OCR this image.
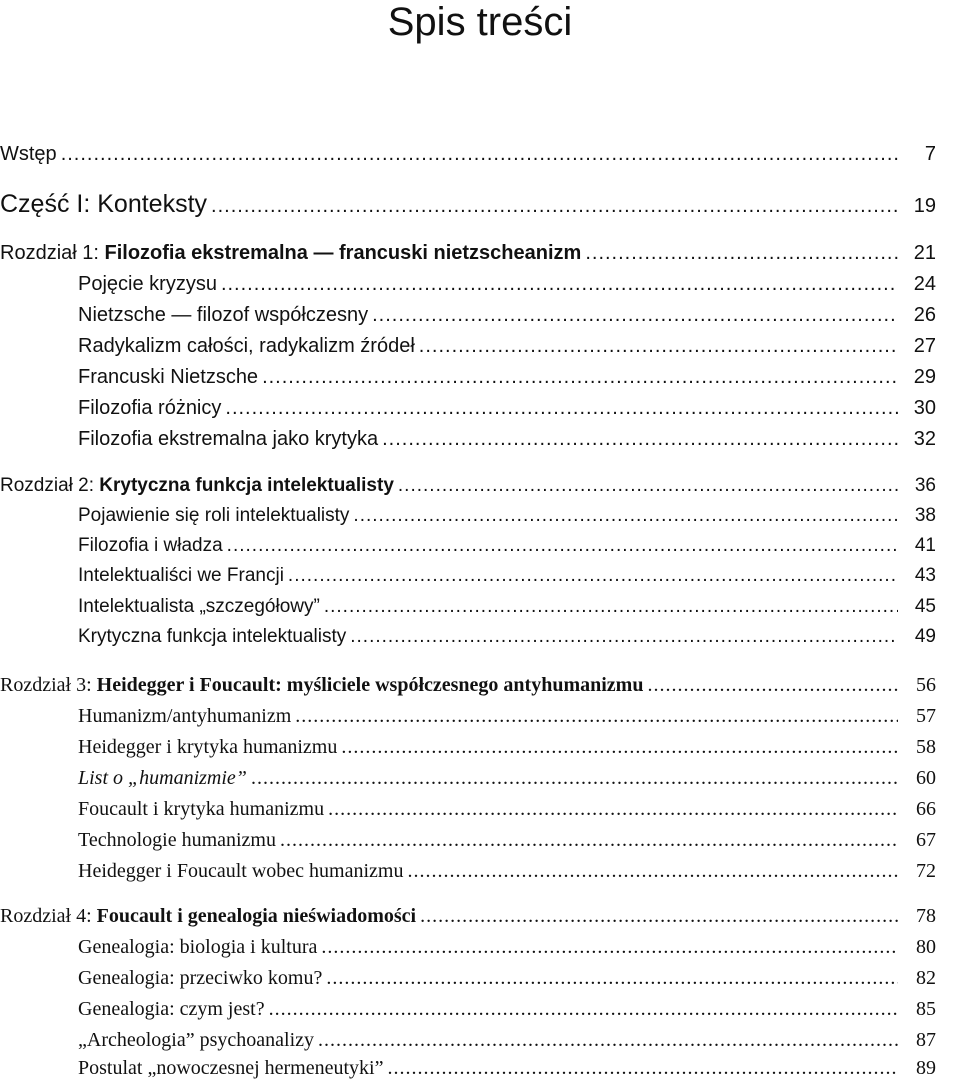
Spis treści
Wstęp .....	7
Część I: Konteksty .....	19
Rozdział 1: Filozofia ekstremalna — francuski nietzscheanizm .....	21
Pojęcie kryzysu .....	24
Nietzsche — filozof współczesny .....	26
Radykalizm całości, radykalizm źródeł .....	27
Francuski Nietzsche .....	29
Filozofia różnicy .....	30
Filozofia ekstremalna jako krytyka .....	32
Rozdział 2: Krytyczna funkcja intelektualisty .....	36
Pojawienie się roli intelektualisty .....	38
Filozofia i władza .....	41
Intelektualiści we Francji .....	43
Intelektualista „szczegółowy” .....	45
Krytyczna funkcja intelektualisty .....	49
Rozdział 3: Heidegger i Foucault: myśliciele współczesnego antyhumanizmu .....	56
Humanizm/antyhumanizm .....	57
Heidegger i krytyka humanizmu .....	58
List o „humanizmie” .....	60
Foucault i krytyka humanizmu .....	66
Technologie humanizmu .....	67
Heidegger i Foucault wobec humanizmu .....	72
Rozdział 4: Foucault i genealogia nieświadomości .....	78
Genealogia: biologia i kultura .....	80
Genealogia: przeciwko komu? .....	82
Genealogia: czym jest? .....	85
„Archeologia” psychoanalizy .....	87
Postulat „nowoczesnej hermeneutyki” .....	89
